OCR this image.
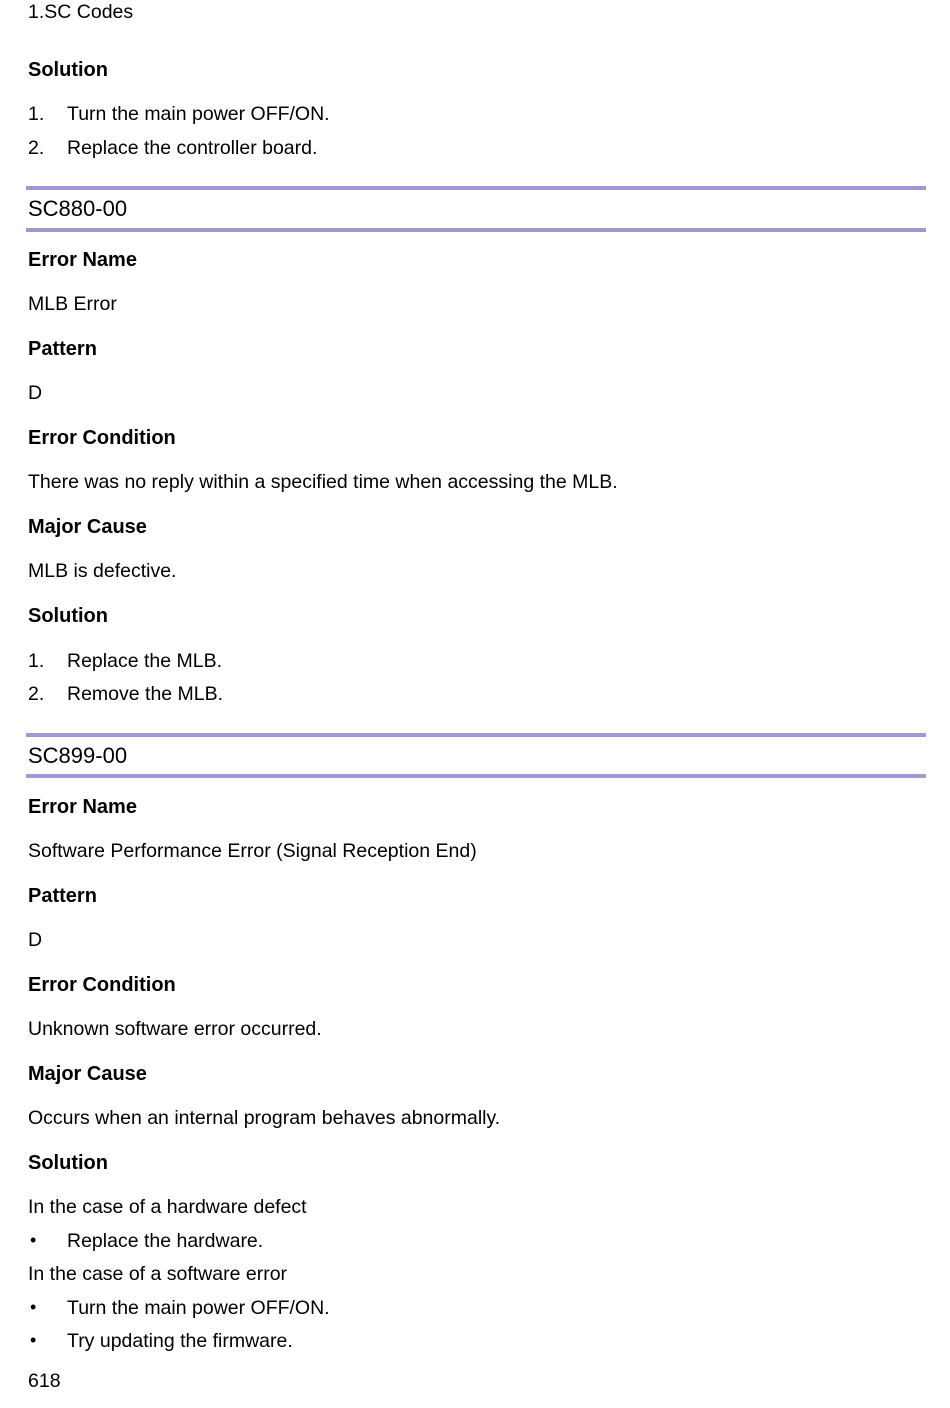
1.SC Codes
Solution
1. Turn the main power OFF/ON.
2. Replace the controller board.
SC880-00
Error Name
MLB Error
Pattern
D
Error Condition
There was no reply within a specified time when accessing the MLB.
Major Cause
MLB is defective.
Solution
1. Replace the MLB.
2. Remove the MLB.
SC899-00
Error Name
Software Performance Error (Signal Reception End)
Pattern
D
Error Condition
Unknown software error occurred.
Major Cause
Occurs when an internal program behaves abnormally.
Solution
In the case of a hardware defect
• Replace the hardware.
In the case of a software error
• Turn the main power OFF/ON.
• Try updating the firmware.
618
